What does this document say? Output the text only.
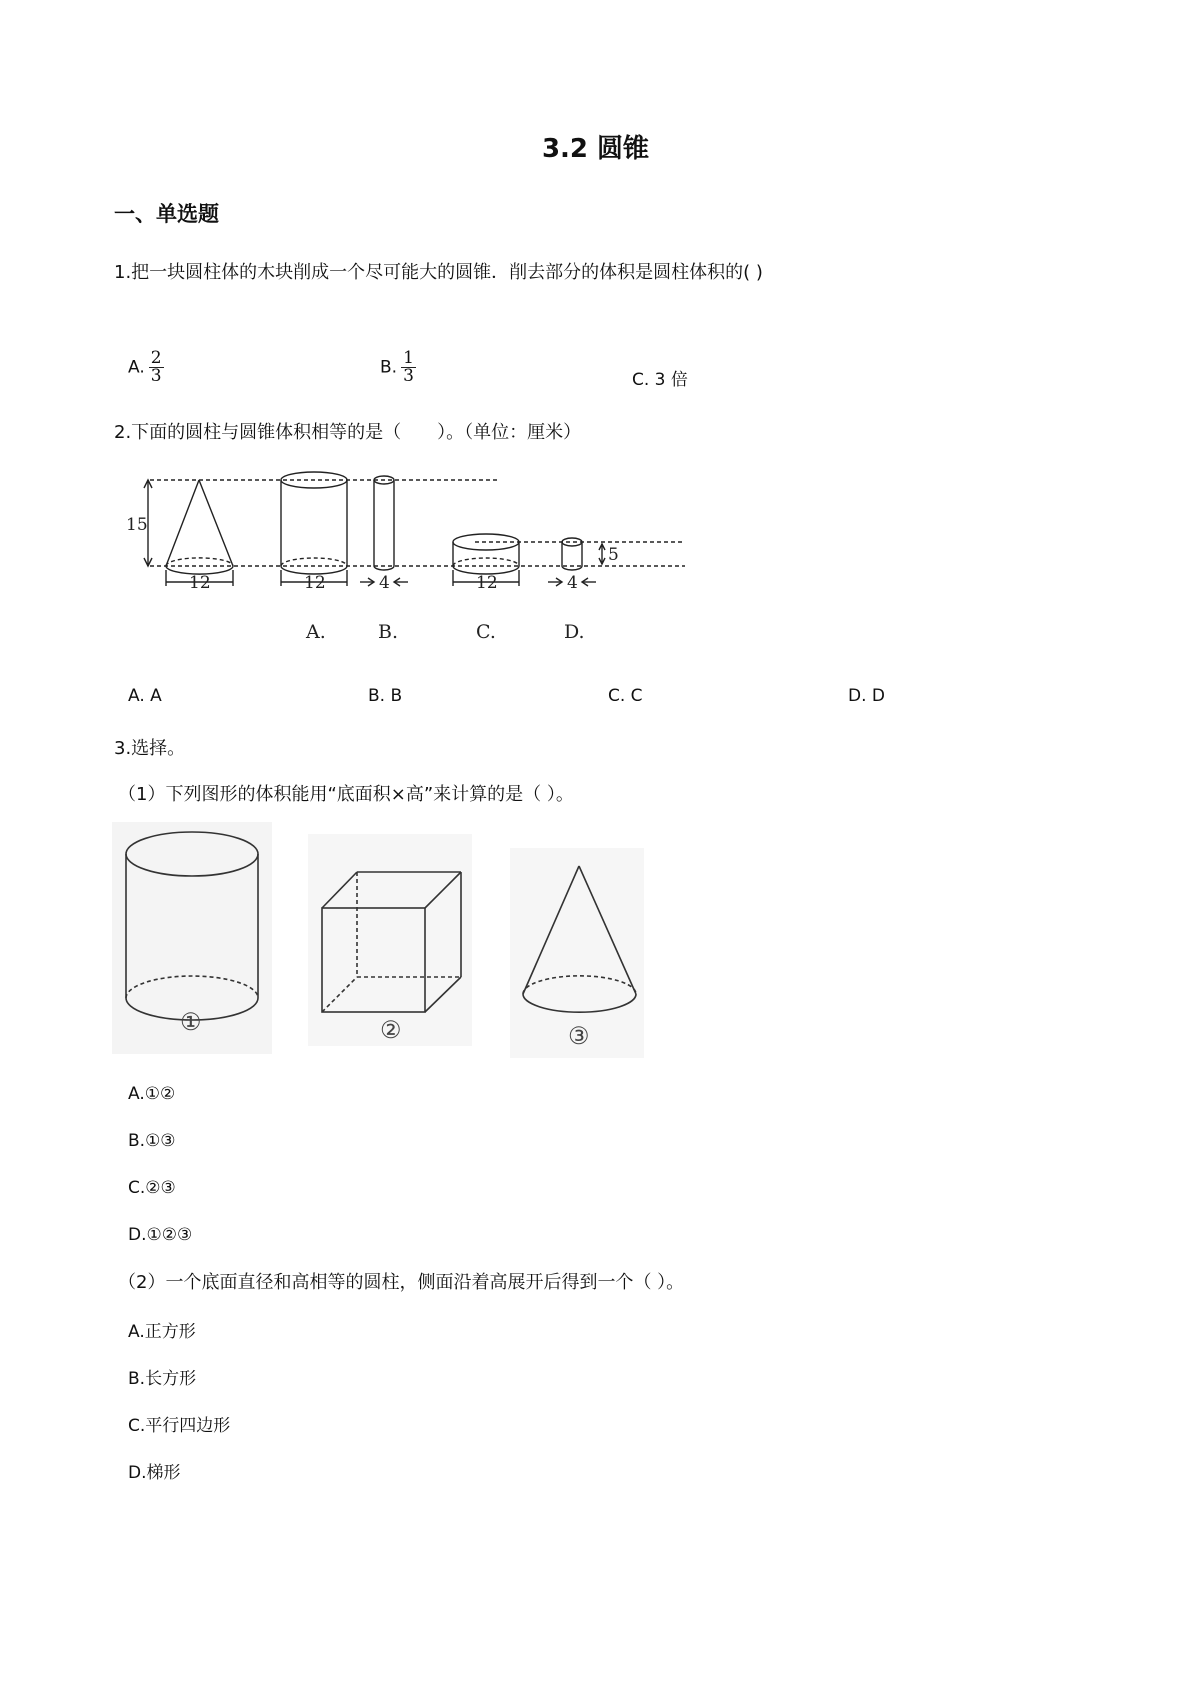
3.2 圆锥
一、单选题
1.把一块圆柱体的木块削成一个尽可能大的圆锥．削去部分的体积是圆柱体积的( )
A. $\frac{2}{3}$	B. $\frac{1}{3}$	C. 3 倍
2.下面的圆柱与圆锥体积相等的是（　　）。（单位：厘米）
15
12	12	4	12	4
5
A.	B.	C.	D.
A. A	B. B	C. C	D. D
3.选择。
（1）下列图形的体积能用“底面积×高”来计算的是（ ）。
①	②	③
A.①②
B.①③
C.②③
D.①②③
（2）一个底面直径和高相等的圆柱，侧面沿着高展开后得到一个（ ）。
A.正方形
B.长方形
C.平行四边形
D.梯形
